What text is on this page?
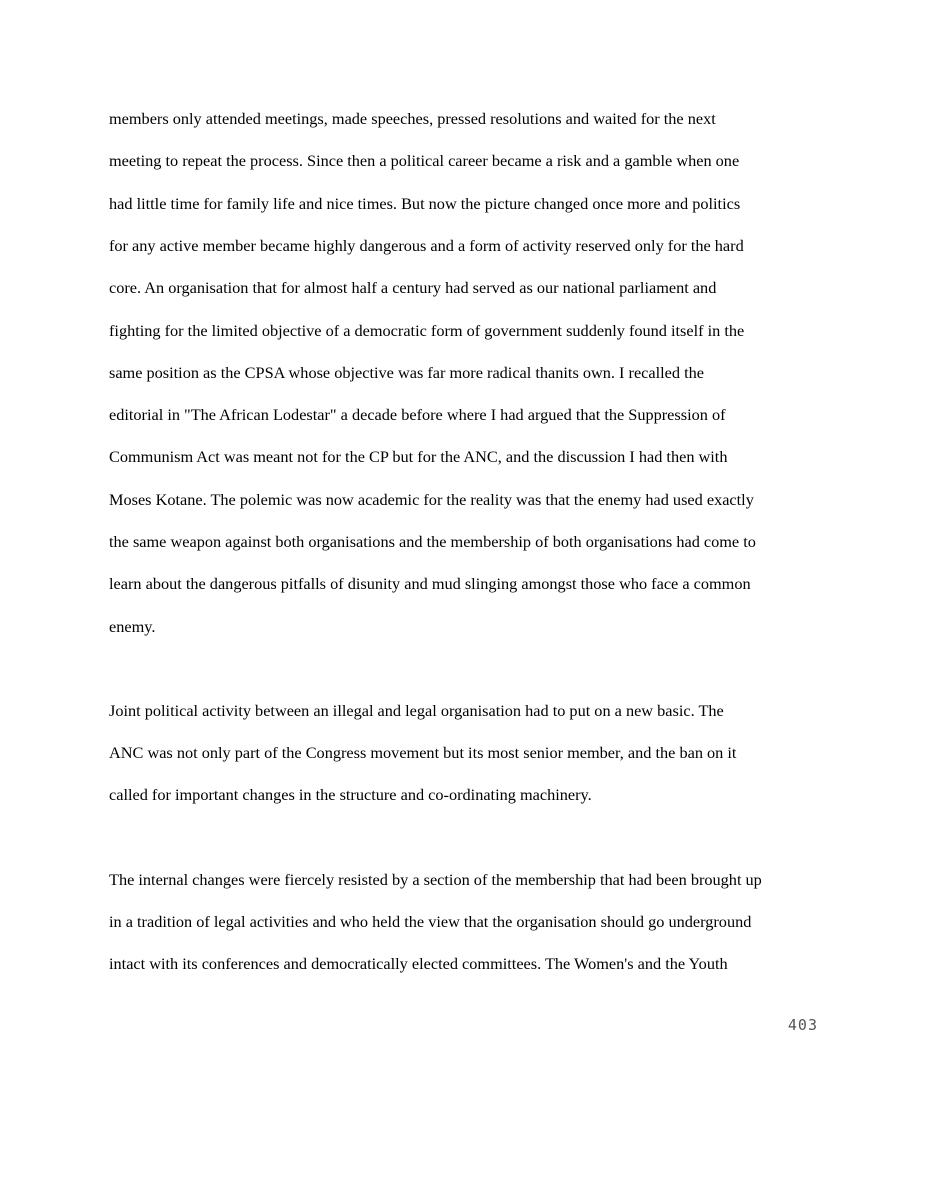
members only attended meetings, made speeches, pressed resolutions and waited for the next
meeting to repeat the process. Since then a political career became a risk and a gamble when one
had little time for family life and nice times. But now the picture changed once more and politics
for any active member became highly dangerous and a form of activity reserved only for the hard
core. An organisation that for almost half a century had served as our national parliament and
fighting for the limited objective of a democratic form of government suddenly found itself in the
same position as the CPSA whose objective was far more radical thanits own. I recalled the
editorial in "The African Lodestar" a decade before where I had argued that the Suppression of
Communism Act was meant not for the CP but for the ANC, and the discussion I had then with
Moses Kotane. The polemic was now academic for the reality was that the enemy had used exactly
the same weapon against both organisations and the membership of both organisations had come to
learn about the dangerous pitfalls of disunity and mud slinging amongst those who face a common
enemy.
Joint political activity between an illegal and legal organisation had to put on a new basic. The
ANC was not only part of the Congress movement but its most senior member, and the ban on it
called for important changes in the structure and co-ordinating machinery.
The internal changes were fiercely resisted by a section of the membership that had been brought up
in a tradition of legal activities and who held the view that the organisation should go underground
intact with its conferences and democratically elected committees. The Women's and the Youth
403
